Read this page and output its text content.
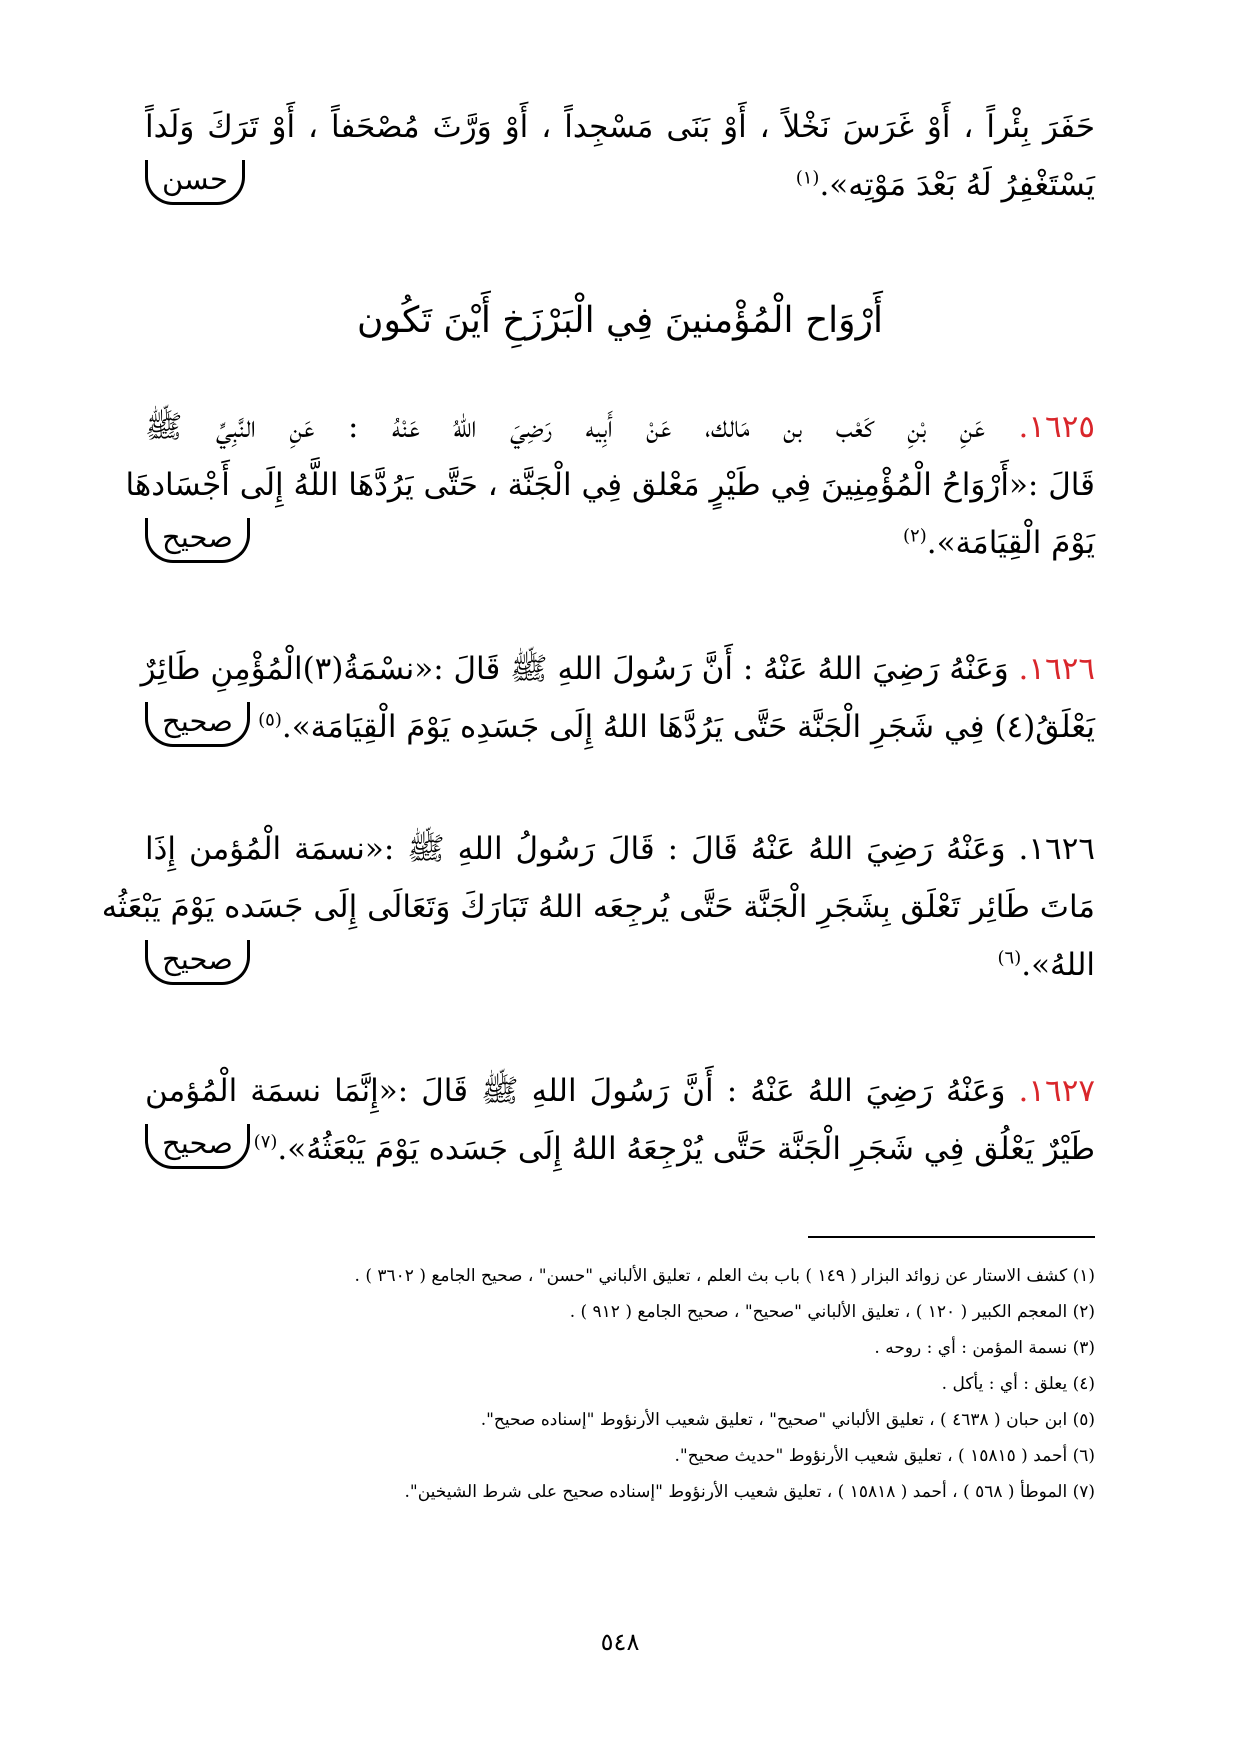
حَفَرَ بِئْراً ، أَوْ غَرَسَ نَخْلاً ، أَوْ بَنَى مَسْجِداً ، أَوْ وَرَّثَ مُصْحَفاً ، أَوْ تَرَكَ وَلَداً
يَسْتَغْفِرُ لَهُ بَعْدَ مَوْتِه».$^{(١)}$
حسن
أَرْوَاح الْمُؤْمنينَ فِي الْبَرْزَخِ أَيْنَ تَكُون
١٦٢٥. عَنِ بْنِ كَعْب بن مَالك، عَنْ أَبِيه رَضِيَ اللهُ عَنْهُ : عَنِ النَّبِيِّ ﷺ
قَالَ :«أَرْوَاحُ الْمُؤْمِنِينَ فِي طَيْرٍ مَعْلق فِي الْجَنَّة ، حَتَّى يَرُدَّهَا اللَّهُ إِلَى أَجْسَادهَا
يَوْمَ الْقِيَامَة».$^{(٢)}$
صحيح
١٦٢٦. وَعَنْهُ رَضِيَ اللهُ عَنْهُ : أَنَّ رَسُولَ اللهِ ﷺ قَالَ :«نسْمَةُ(٣)الْمُؤْمِنِ طَائِرٌ
يَعْلَقُ(٤) فِي شَجَرِ الْجَنَّة حَتَّى يَرُدَّهَا اللهُ إِلَى جَسَدِه يَوْمَ الْقِيَامَة».$^{(٥)}$
صحيح
١٦٢٦. وَعَنْهُ رَضِيَ اللهُ عَنْهُ قَالَ : قَالَ رَسُولُ اللهِ ﷺ :«نسمَة الْمُؤمن إِذَا
مَاتَ طَائِر تَعْلَق بِشَجَرِ الْجَنَّة حَتَّى يُرجِعَه اللهُ تَبَارَكَ وَتَعَالَى إِلَى جَسَده يَوْمَ يَبْعَثُه
اللهُ».$^{(٦)}$
صحيح
١٦٢٧. وَعَنْهُ رَضِيَ اللهُ عَنْهُ : أَنَّ رَسُولَ اللهِ ﷺ قَالَ :«إِنَّمَا نسمَة الْمُؤمن
طَيْرٌ يَعْلُق فِي شَجَرِ الْجَنَّة حَتَّى يُرْجِعَهُ اللهُ إِلَى جَسَده يَوْمَ يَبْعَثُهُ».$^{(٧)}$
صحيح
(١) كشف الاستار عن زوائد البزار ( ١٤٩ ) باب بث العلم ، تعليق الألباني "حسن" ، صحيح الجامع ( ٣٦٠٢ ) .
(٢) المعجم الكبير ( ١٢٠ ) ، تعليق الألباني "صحيح" ، صحيح الجامع ( ٩١٢ ) .
(٣) نسمة المؤمن : أي : روحه .
(٤) يعلق : أي : يأكل .
(٥) ابن حبان ( ٤٦٣٨ ) ، تعليق الألباني "صحيح" ، تعليق شعيب الأرنؤوط "إسناده صحيح".
(٦) أحمد ( ١٥٨١٥ ) ، تعليق شعيب الأرنؤوط "حديث صحيح".
(٧) الموطأ ( ٥٦٨ ) ، أحمد ( ١٥٨١٨ ) ، تعليق شعيب الأرنؤوط "إسناده صحيح على شرط الشيخين".
٥٤٨
